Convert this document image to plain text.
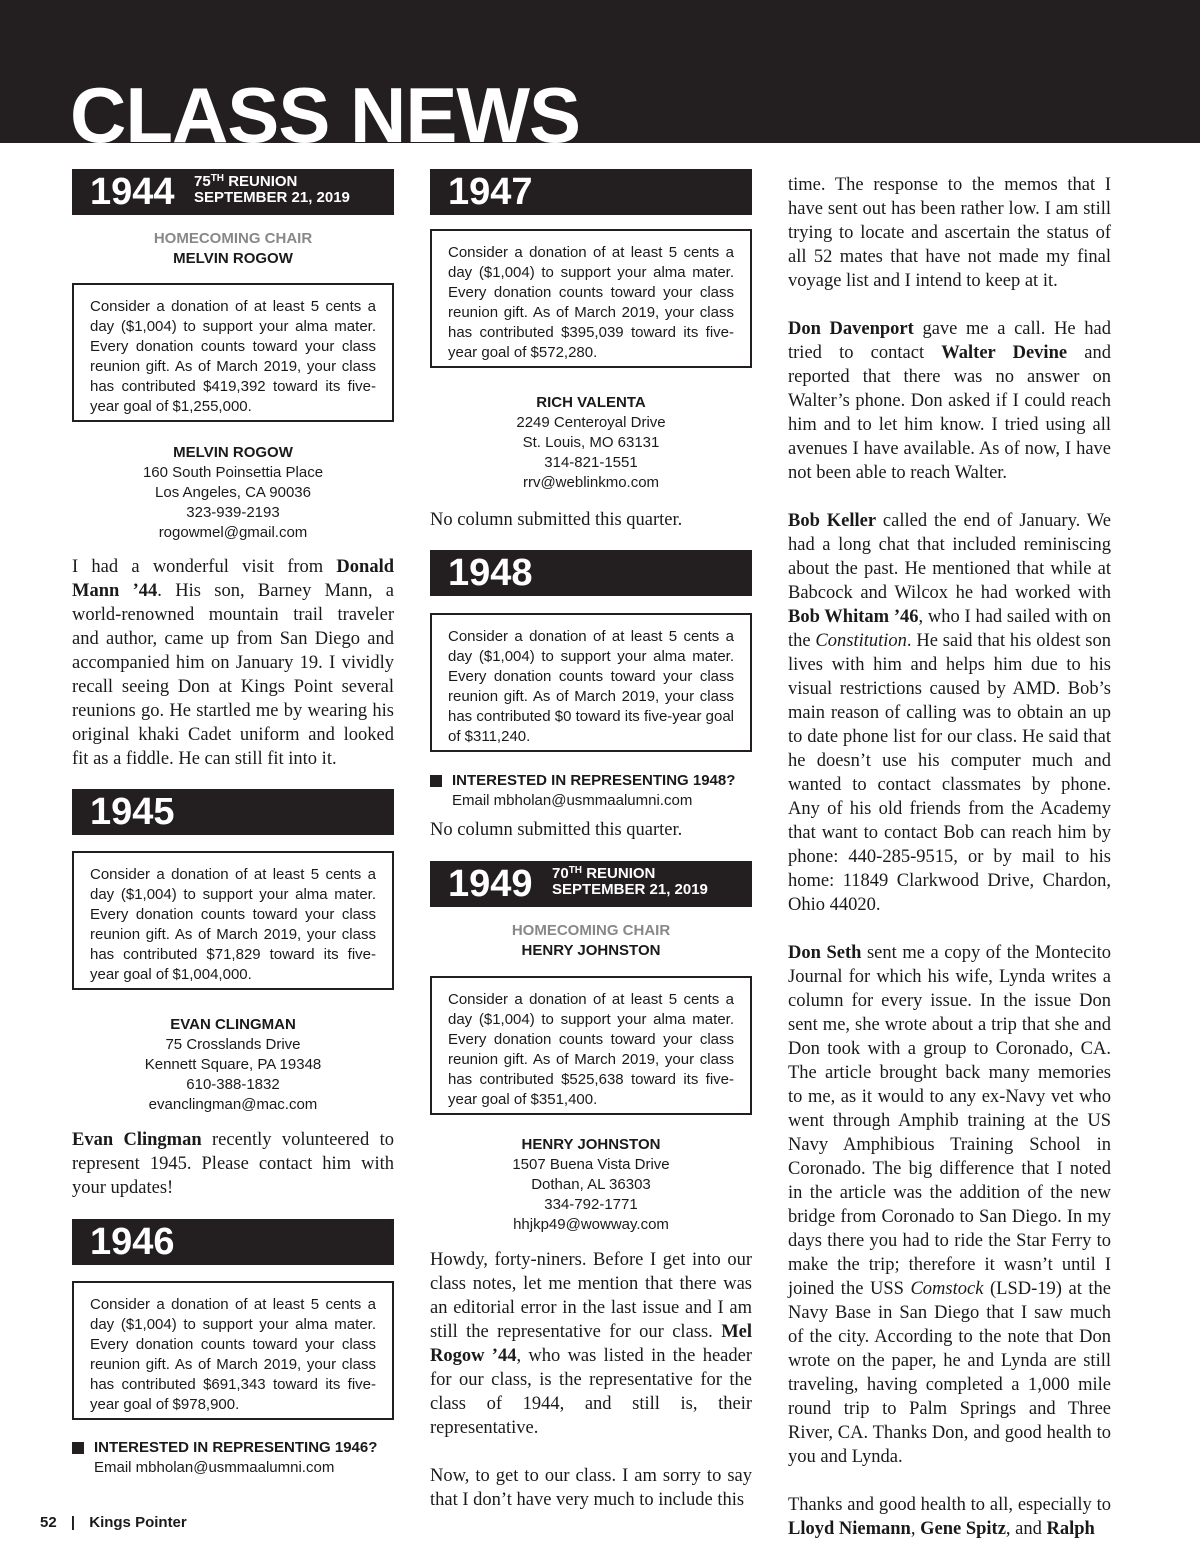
CLASS NEWS
1944 75TH REUNION
SEPTEMBER 21, 2019
HOMECOMING CHAIR
MELVIN ROGOW
Consider a donation of at least 5 cents a day ($1,004) to support your alma mater. Every donation counts toward your class reunion gift. As of March 2019, your class has contributed $419,392 toward its five-year goal of $1,255,000.
MELVIN ROGOW
160 South Poinsettia Place
Los Angeles, CA 90036
323-939-2193
rogowmel@gmail.com

I had a wonderful visit from Donald Mann ’44. His son, Barney Mann, a world-renowned mountain trail traveler and author, came up from San Diego and accompanied him on January 19. I vividly recall seeing Don at Kings Point several reunions go. He startled me by wearing his original khaki Cadet uniform and looked fit as a fiddle. He can still fit into it.

1945
Consider a donation of at least 5 cents a day ($1,004) to support your alma mater. Every donation counts toward your class reunion gift. As of March 2019, your class has contributed $71,829 toward its five-year goal of $1,004,000.
EVAN CLINGMAN
75 Crosslands Drive
Kennett Square, PA 19348
610-388-1832
evanclingman@mac.com

Evan Clingman recently volunteered to represent 1945. Please contact him with your updates!

1946
Consider a donation of at least 5 cents a day ($1,004) to support your alma mater. Every donation counts toward your class reunion gift. As of March 2019, your class has contributed $691,343 toward its five-year goal of $978,900.
INTERESTED IN REPRESENTING 1946?
Email mbholan@usmmaalumni.com
1947
Consider a donation of at least 5 cents a day ($1,004) to support your alma mater. Every donation counts toward your class reunion gift. As of March 2019, your class has contributed $395,039 toward its five-year goal of $572,280.
RICH VALENTA
2249 Centeroyal Drive
St. Louis, MO 63131
314-821-1551
rrv@weblinkmo.com

No column submitted this quarter.

1948
Consider a donation of at least 5 cents a day ($1,004) to support your alma mater. Every donation counts toward your class reunion gift. As of March 2019, your class has contributed $0 toward its five-year goal of $311,240.
INTERESTED IN REPRESENTING 1948?
Email mbholan@usmmaalumni.com

No column submitted this quarter.

1949 70TH REUNION
SEPTEMBER 21, 2019
HOMECOMING CHAIR
HENRY JOHNSTON
Consider a donation of at least 5 cents a day ($1,004) to support your alma mater. Every donation counts toward your class reunion gift. As of March 2019, your class has contributed $525,638 toward its five-year goal of $351,400.
HENRY JOHNSTON
1507 Buena Vista Drive
Dothan, AL 36303
334-792-1771
hhjkp49@wowway.com

Howdy, forty-niners. Before I get into our class notes, let me mention that there was an editorial error in the last issue and I am still the representative for our class. Mel Rogow ’44, who was listed in the header for our class, is the representative for the class of 1944, and still is, their representative.

Now, to get to our class. I am sorry to say that I don’t have very much to include this

time. The response to the memos that I have sent out has been rather low. I am still trying to locate and ascertain the status of all 52 mates that have not made my final voyage list and I intend to keep at it.

Don Davenport gave me a call. He had tried to contact Walter Devine and reported that there was no answer on Walter’s phone. Don asked if I could reach him and to let him know. I tried using all avenues I have available. As of now, I have not been able to reach Walter.

Bob Keller called the end of January. We had a long chat that included reminiscing about the past. He mentioned that while at Babcock and Wilcox he had worked with Bob Whitam ’46, who I had sailed with on the Constitution. He said that his oldest son lives with him and helps him due to his visual restrictions caused by AMD. Bob’s main reason of calling was to obtain an up to date phone list for our class. He said that he doesn’t use his computer much and wanted to contact classmates by phone. Any of his old friends from the Academy that want to contact Bob can reach him by phone: 440-285-9515, or by mail to his home: 11849 Clarkwood Drive, Chardon, Ohio 44020.

Don Seth sent me a copy of the Montecito Journal for which his wife, Lynda writes a column for every issue. In the issue Don sent me, she wrote about a trip that she and Don took with a group to Coronado, CA. The article brought back many memories to me, as it would to any ex-Navy vet who went through Amphib training at the US Navy Amphibious Training School in Coronado. The big difference that I noted in the article was the addition of the new bridge from Coronado to San Diego. In my days there you had to ride the Star Ferry to make the trip; therefore it wasn’t until I joined the USS Comstock (LSD-19) at the Navy Base in San Diego that I saw much of the city. According to the note that Don wrote on the paper, he and Lynda are still traveling, having completed a 1,000 mile round trip to Palm Springs and Three River, CA. Thanks Don, and good health to you and Lynda.

Thanks and good health to all, especially to Lloyd Niemann, Gene Spitz, and Ralph

52 | Kings Pointer
